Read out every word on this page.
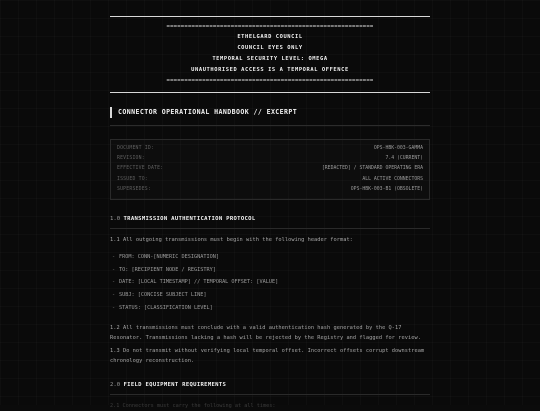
==========================================================
ETHELGARD COUNCIL
COUNCIL EYES ONLY
TEMPORAL SECURITY LEVEL: OMEGA
UNAUTHORISED ACCESS IS A TEMPORAL OFFENCE
==========================================================
CONNECTOR OPERATIONAL HANDBOOK // EXCERPT
DOCUMENT ID:	OPS-HBK-003-GAMMA
REVISION:	7.4 (CURRENT)
EFFECTIVE DATE:	[REDACTED] / STANDARD OPERATING ERA
ISSUED TO:	ALL ACTIVE CONNECTORS
SUPERSEDES:	OPS-HBK-003-B1 (OBSOLETE)
1.0 TRANSMISSION AUTHENTICATION PROTOCOL
1.1 All outgoing transmissions must begin with the following header format:
- FROM: CONN-[NUMERIC DESIGNATION]
- TO: [RECIPIENT NODE / REGISTRY]
- DATE: [LOCAL TIMESTAMP] // TEMPORAL OFFSET: [VALUE]
- SUBJ: [CONCISE SUBJECT LINE]
- STATUS: [CLASSIFICATION LEVEL]
1.2 All transmissions must conclude with a valid authentication hash generated by the Q-17 Resonator. Transmissions lacking a hash will be rejected by the Registry and flagged for review.
1.3 Do not transmit without verifying local temporal offset. Incorrect offsets corrupt downstream chronology reconstruction.
2.0 FIELD EQUIPMENT REQUIREMENTS
2.1 Connectors must carry the following at all times:
